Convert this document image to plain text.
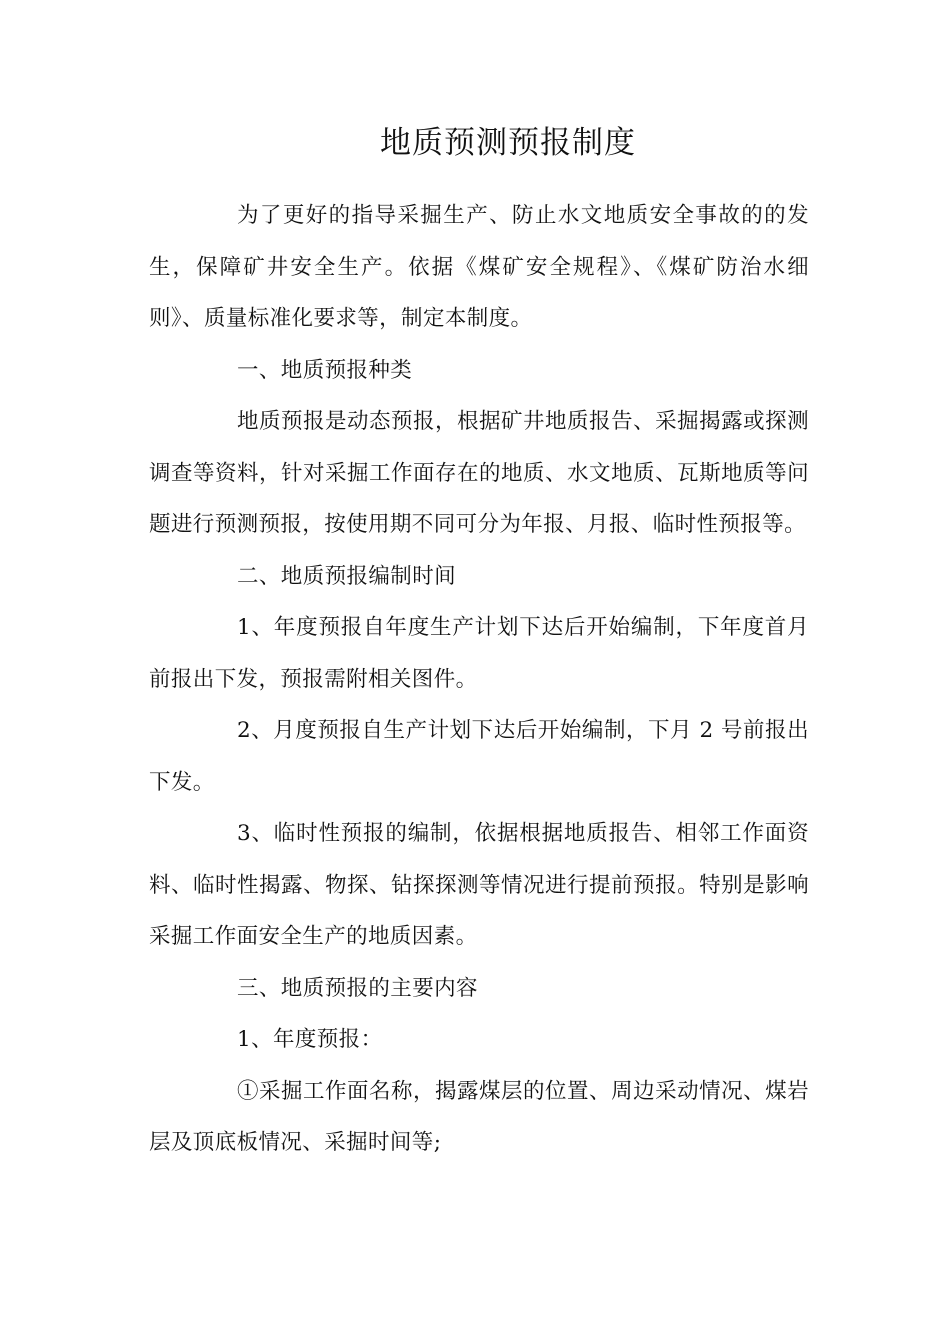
地质预测预报制度

为了更好的指导采掘生产、防止水文地质安全事故的的发生，保障矿井安全生产。依据《煤矿安全规程》、《煤矿防治水细则》、质量标准化要求等，制定本制度。

一、地质预报种类

地质预报是动态预报，根据矿井地质报告、采掘揭露或探测调查等资料，针对采掘工作面存在的地质、水文地质、瓦斯地质等问题进行预测预报，按使用期不同可分为年报、月报、临时性预报等。

二、地质预报编制时间

1、年度预报自年度生产计划下达后开始编制，下年度首月前报出下发，预报需附相关图件。

2、月度预报自生产计划下达后开始编制，下月 2 号前报出下发。

3、临时性预报的编制，依据根据地质报告、相邻工作面资料、临时性揭露、物探、钻探探测等情况进行提前预报。特别是影响采掘工作面安全生产的地质因素。

三、地质预报的主要内容

1、年度预报：

①采掘工作面名称，揭露煤层的位置、周边采动情况、煤岩层及顶底板情况、采掘时间等;
